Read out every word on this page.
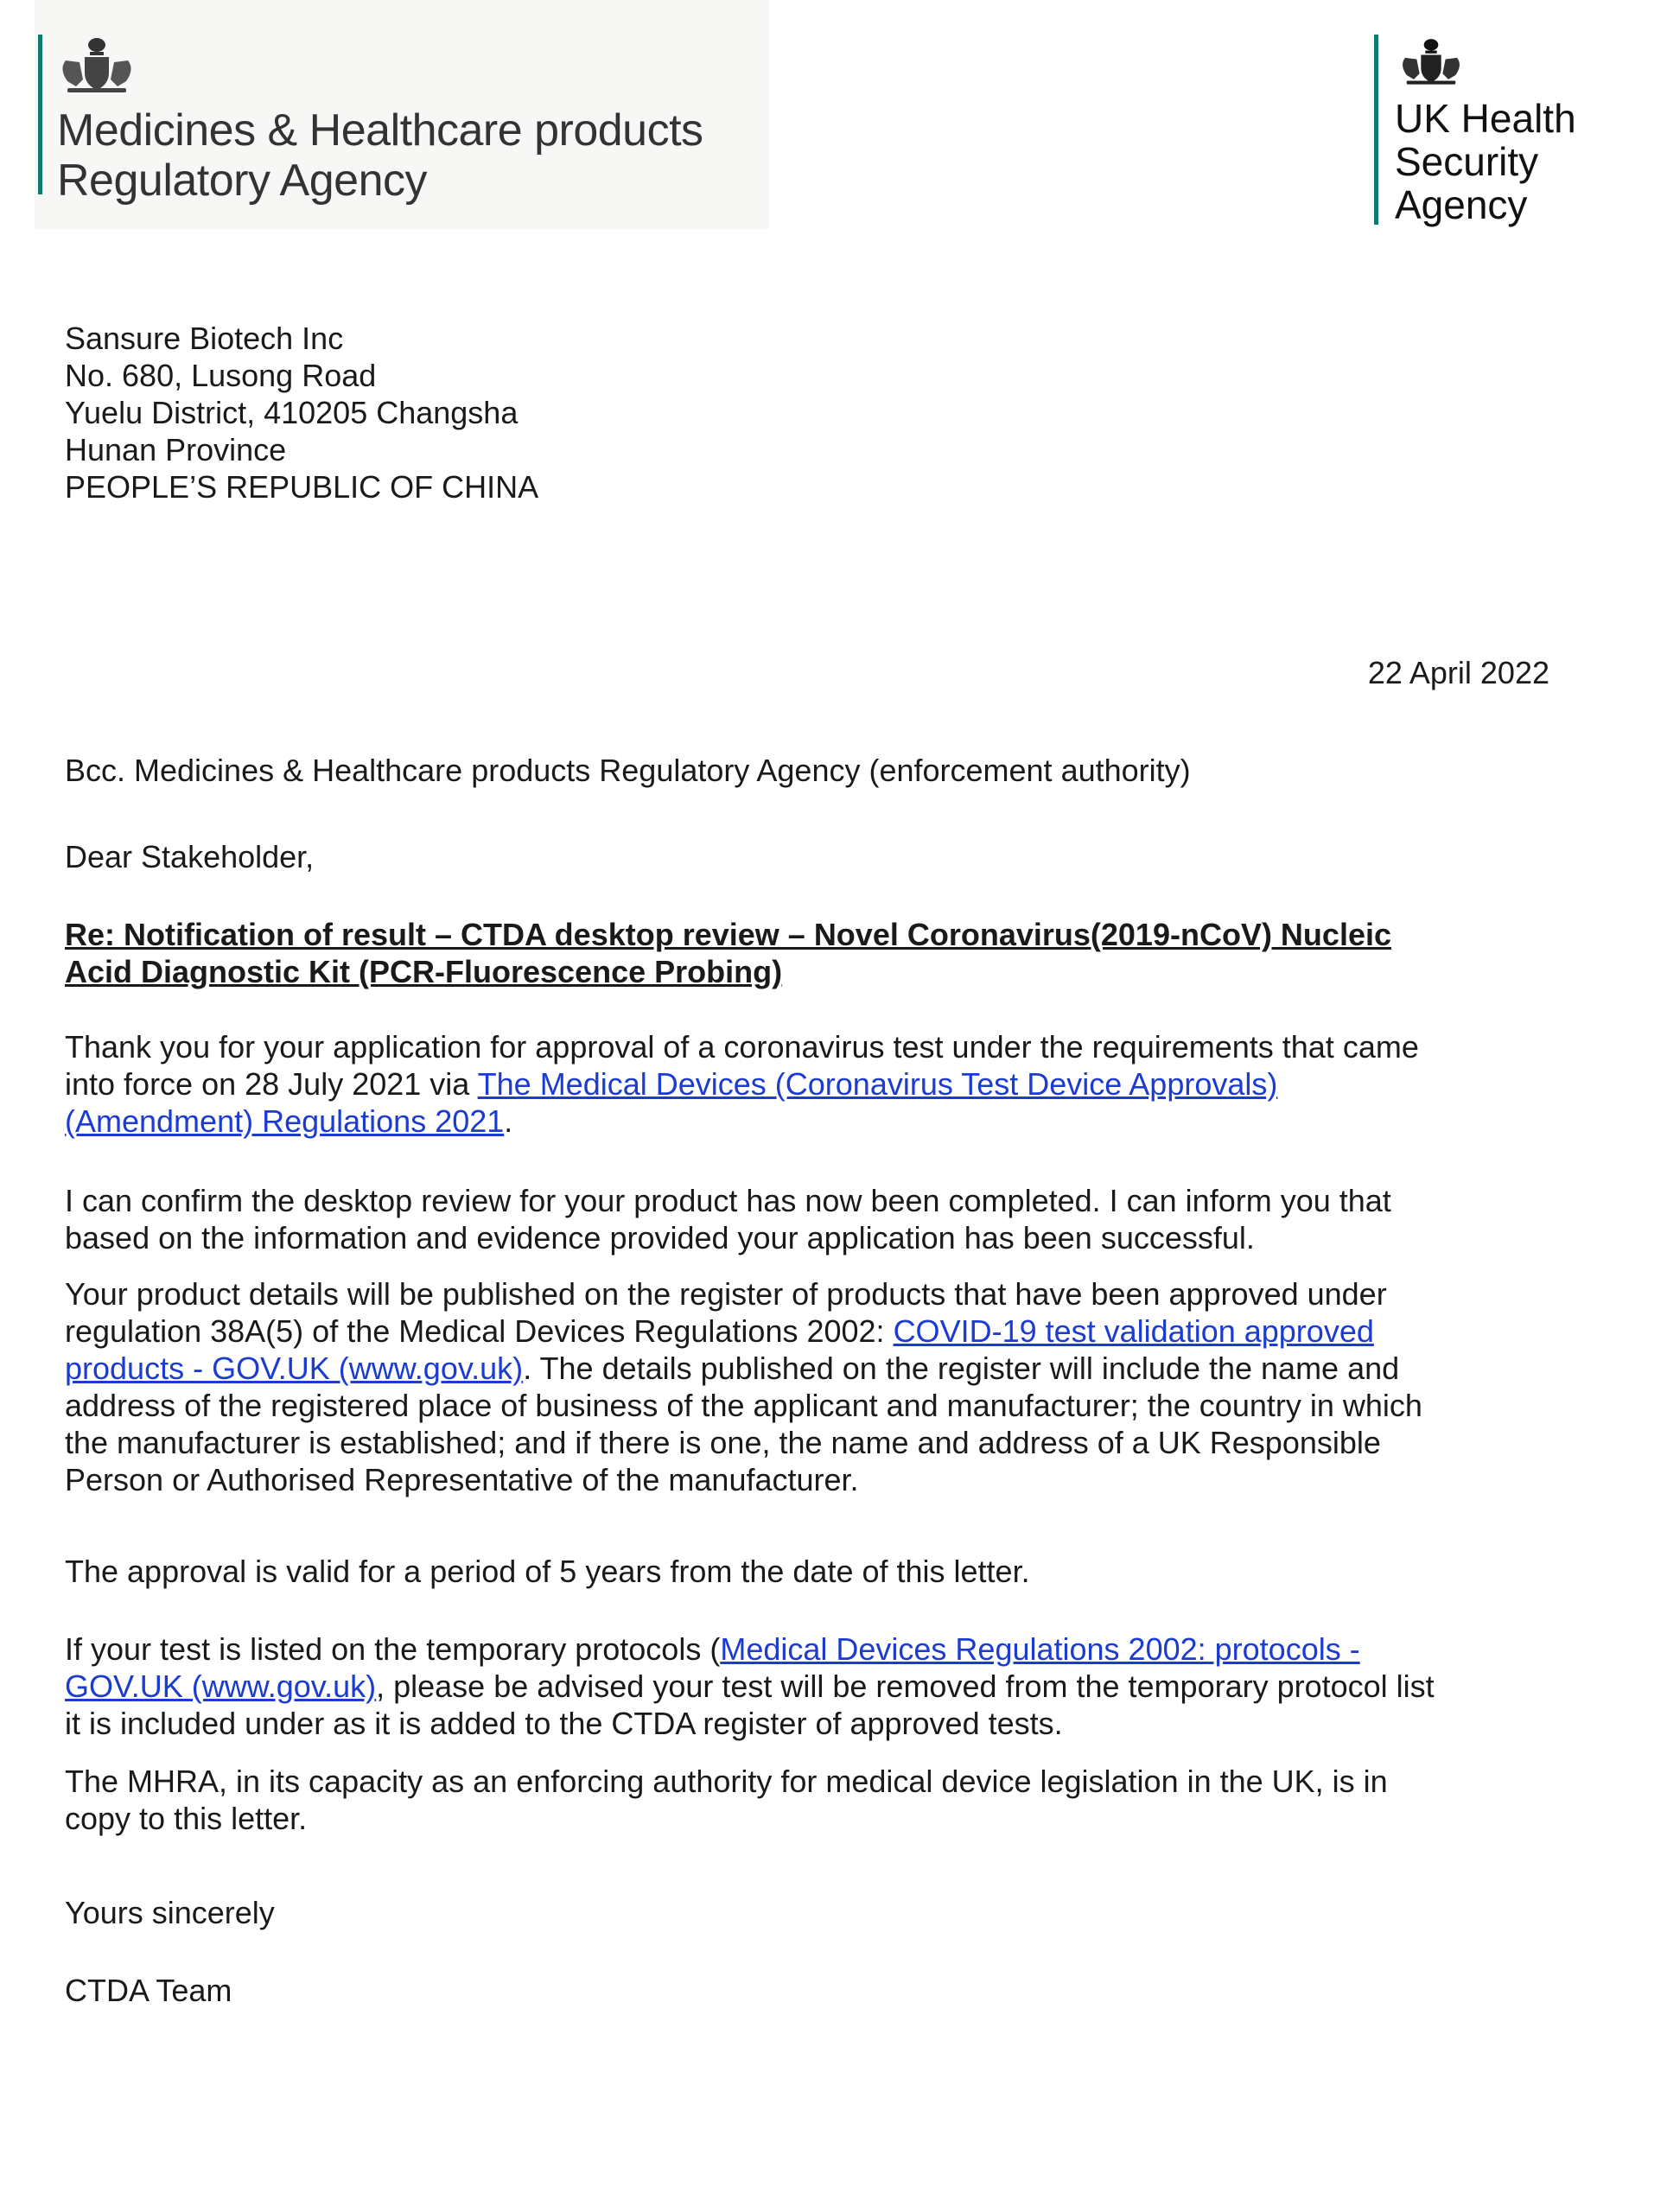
Medicines & Healthcare products
Regulatory Agency
UK Health
Security
Agency
Sansure Biotech Inc
No. 680, Lusong Road
Yuelu District, 410205 Changsha
Hunan Province
PEOPLE’S REPUBLIC OF CHINA
22 April 2022
Bcc. Medicines & Healthcare products Regulatory Agency (enforcement authority)
Dear Stakeholder,
Re: Notification of result – CTDA desktop review – Novel Coronavirus(2019-nCoV) Nucleic
Acid Diagnostic Kit (PCR-Fluorescence Probing)
Thank you for your application for approval of a coronavirus test under the requirements that came
into force on 28 July 2021 via The Medical Devices (Coronavirus Test Device Approvals)
(Amendment) Regulations 2021.
I can confirm the desktop review for your product has now been completed. I can inform you that
based on the information and evidence provided your application has been successful.
Your product details will be published on the register of products that have been approved under
regulation 38A(5) of the Medical Devices Regulations 2002: COVID-19 test validation approved
products - GOV.UK (www.gov.uk). The details published on the register will include the name and
address of the registered place of business of the applicant and manufacturer; the country in which
the manufacturer is established; and if there is one, the name and address of a UK Responsible
Person or Authorised Representative of the manufacturer.
The approval is valid for a period of 5 years from the date of this letter.
If your test is listed on the temporary protocols (Medical Devices Regulations 2002: protocols -
GOV.UK (www.gov.uk), please be advised your test will be removed from the temporary protocol list
it is included under as it is added to the CTDA register of approved tests.
The MHRA, in its capacity as an enforcing authority for medical device legislation in the UK, is in
copy to this letter.
Yours sincerely
CTDA Team
